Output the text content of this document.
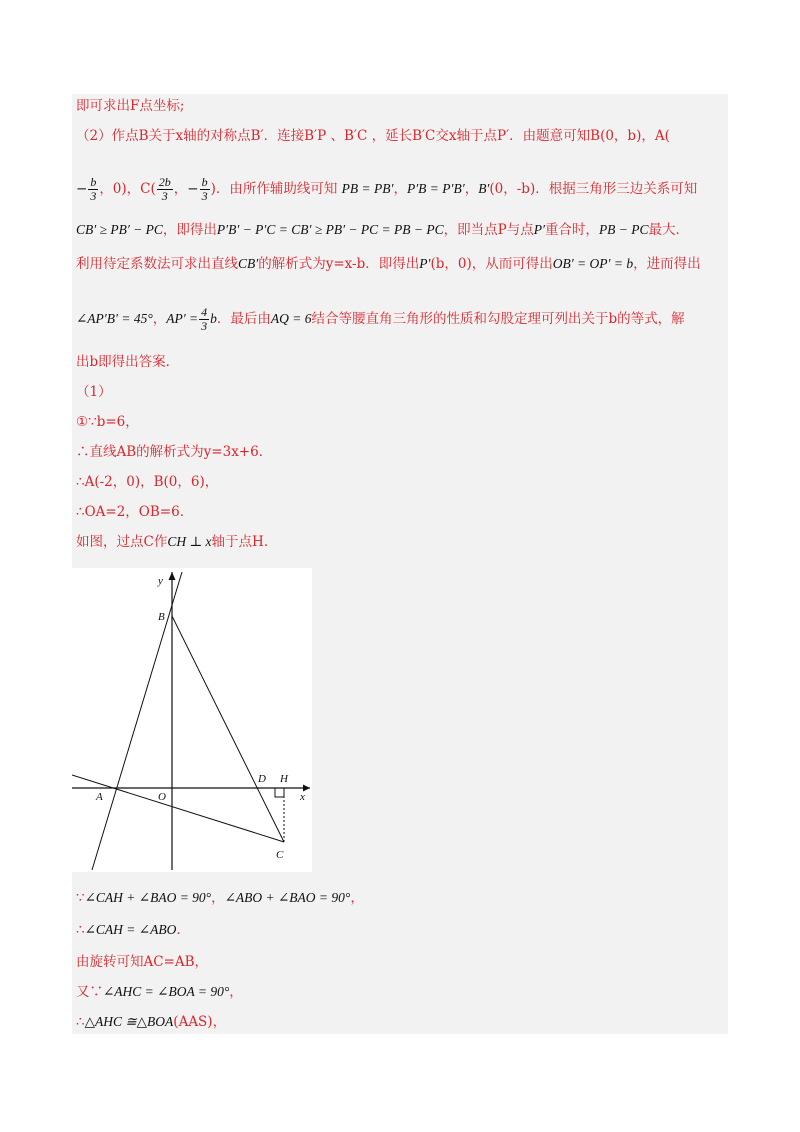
即可求出F点坐标;
（2）作点B关于x轴的对称点B′．连接B′P 、B′C ，延长B′C交x轴于点P′．由题意可知B(0，b)，A(
− $\frac{b}{3}$ ，0)，$C( \frac{2b}{3}$ ，− $\frac{b}{3}$ )．由所作辅助线可知 PB = PB′，P′B = P′B′，B′(0，-b)．根据三角形三边关系可知
CB′ ≥ PB′ − PC，即得出P′B′ − P′C = CB′ ≥ PB′ − PC = PB − PC，即当点P与点P′重合时，PB − PC最大．
利用待定系数法可求出直线CB′的解析式为y=x-b．即得出P′(b，0)，从而可得出OB′ = OP′ = b，进而得出
∠AP′B′ = 45°，$AP' = \frac{4}{3}$ b．最后由AQ = 6结合等腰直角三角形的性质和勾股定理可列出关于b的等式，解
出b即得出答案．
（1）
①∵b=6，
∴直线AB的解析式为y=3x+6．
∴A(-2，0)，B(0，6)，
∴OA=2，OB=6．
如图，过点C作CH ⊥ x轴于点H．
y
x
B
A	O
D H
C
∵∠CAH + ∠BAO = 90°，∠ABO + ∠BAO = 90°，
∴∠CAH = ∠ABO．
由旋转可知AC=AB，
又∵∠AHC = ∠BOA = 90°，
∴△AHC ≅△BOA(AAS)，
